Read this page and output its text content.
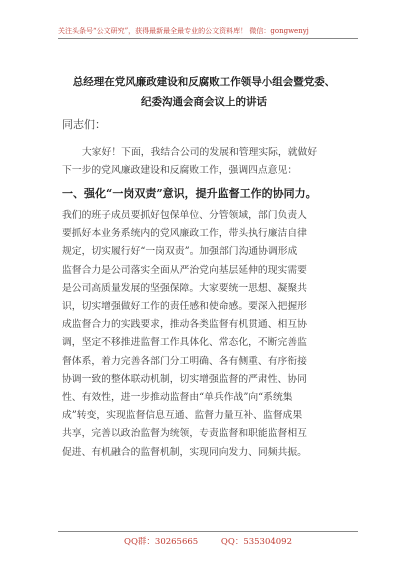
关注头条号“公文研究”，获得最新最全最专业的公文资料库！ 微信：gongwenyj
总经理在党风廉政建设和反腐败工作领导小组会暨党委、
纪委沟通会商会议上的讲话
同志们：
大家好！下面，我结合公司的发展和管理实际，就做好
下一步的党风廉政建设和反腐败工作，强调四点意见：
一、强化“一岗双责”意识，提升监督工作的协同力。
我们的班子成员要抓好包保单位、分管领域，部门负责人
要抓好本业务系统内的党风廉政工作，带头执行廉洁自律
规定，切实履行好“一岗双责”。加强部门沟通协调形成
监督合力是公司落实全面从严治党向基层延伸的现实需要
是公司高质量发展的坚强保障。大家要统一思想、凝聚共
识，切实增强做好工作的责任感和使命感。要深入把握形
成监督合力的实践要求，推动各类监督有机贯通、相互协
调，坚定不移推进监督工作具体化、常态化，不断完善监
督体系，着力完善各部门分工明确、各有侧重、有序衔接
协调一致的整体联动机制，切实增强监督的严肃性、协同
性、有效性，进一步推动监督由“单兵作战”向“系统集
成”转变，实现监督信息互通、监督力量互补、监督成果
共享，完善以政治监督为统领，专责监督和职能监督相互
促进、有机融合的监督机制，实现同向发力、同频共振。
QQ群：30265665	QQ：535304092
